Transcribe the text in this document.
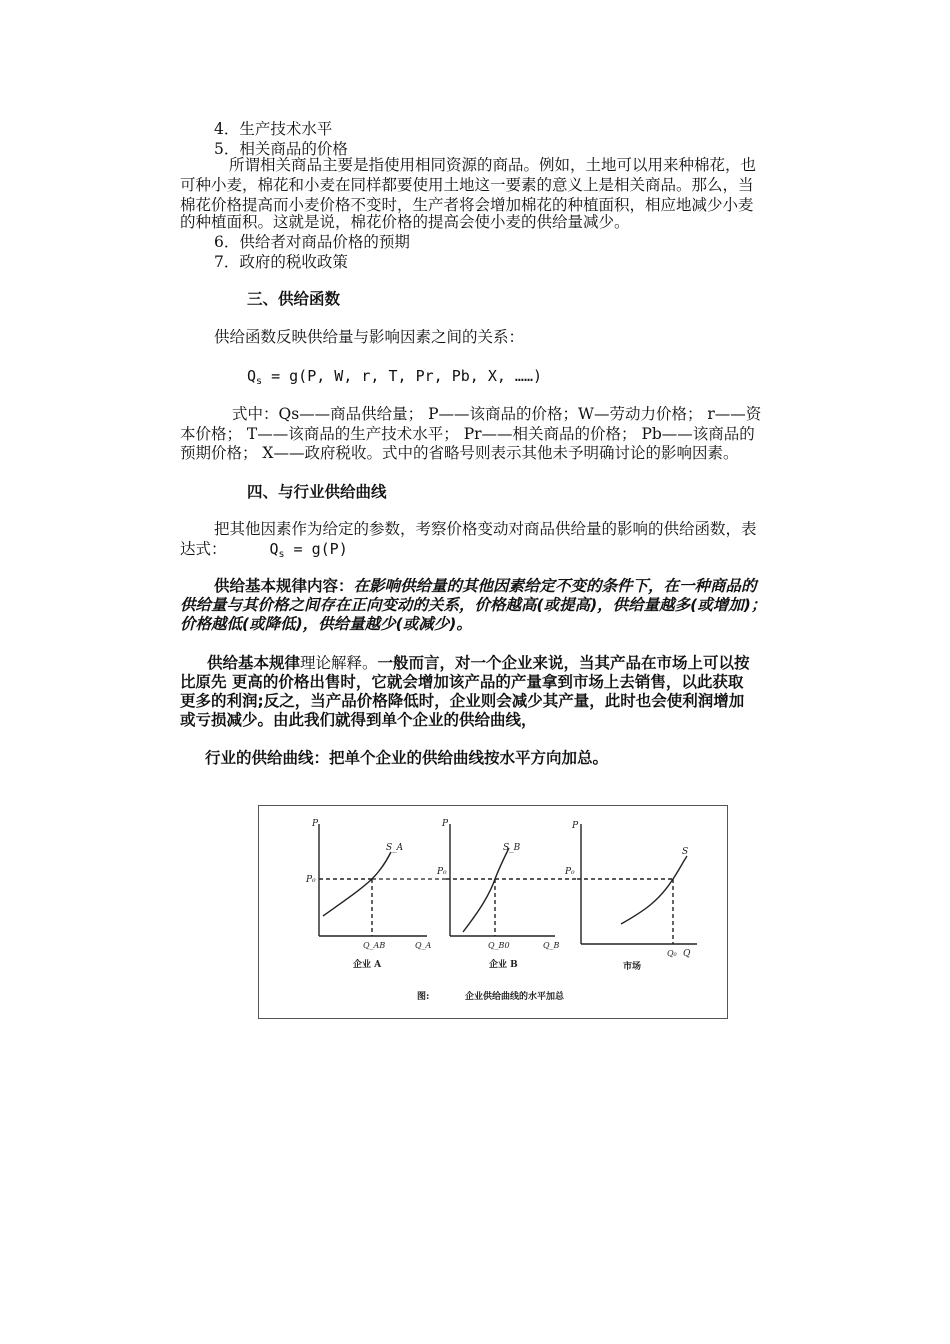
4．生产技术水平
5．相关商品的价格
所谓相关商品主要是指使用相同资源的商品。例如，土地可以用来种棉花，也
可种小麦，棉花和小麦在同样都要使用土地这一要素的意义上是相关商品。那么，当
棉花价格提高而小麦价格不变时，生产者将会增加棉花的种植面积，相应地减少小麦
的种植面积。这就是说，棉花价格的提高会使小麦的供给量减少。
6．供给者对商品价格的预期
7．政府的税收政策
三、供给函数
供给函数反映供给量与影响因素之间的关系：
$Q_s = g(P$, W, r, T, Pr, Pb, X, ……)
式中：Qs——商品供给量； P——该商品的价格；W—劳动力价格； r——资
本价格； T——该商品的生产技术水平； Pr——相关商品的价格； Pb——该商品的
预期价格； X——政府税收。式中的省略号则表示其他未予明确讨论的影响因素。
四、与行业供给曲线
把其他因素作为给定的参数，考察价格变动对商品供给量的影响的供给函数，表
达式：	$Q_s = g(P)$
供给基本规律内容：在影响供给量的其他因素给定不变的条件下，在一种商品的
供给量与其价格之间存在正向变动的关系，价格越高(或提高)，供给量越多(或增加)；
价格越低(或降低)，供给量越少(或减少)。
供给基本规律理论解释。一般而言，对一个企业来说，当其产品在市场上可以按
比原先 更高的价格出售时，它就会增加该产品的产量拿到市场上去销售，以此获取
更多的利润;反之，当产品价格降低时，企业则会减少其产量，此时也会使利润增加
或亏损减少。由此我们就得到单个企业的供给曲线，
行业的供给曲线：把单个企业的供给曲线按水平方向加总。
P
P₀
S_A
Q_AB	Q_A
企业 A
P
P₀
S_B
Q_B0	Q_B
企业 B
P
P₀
S
Q₀ Q
市场
图:	企业供给曲线的水平加总
